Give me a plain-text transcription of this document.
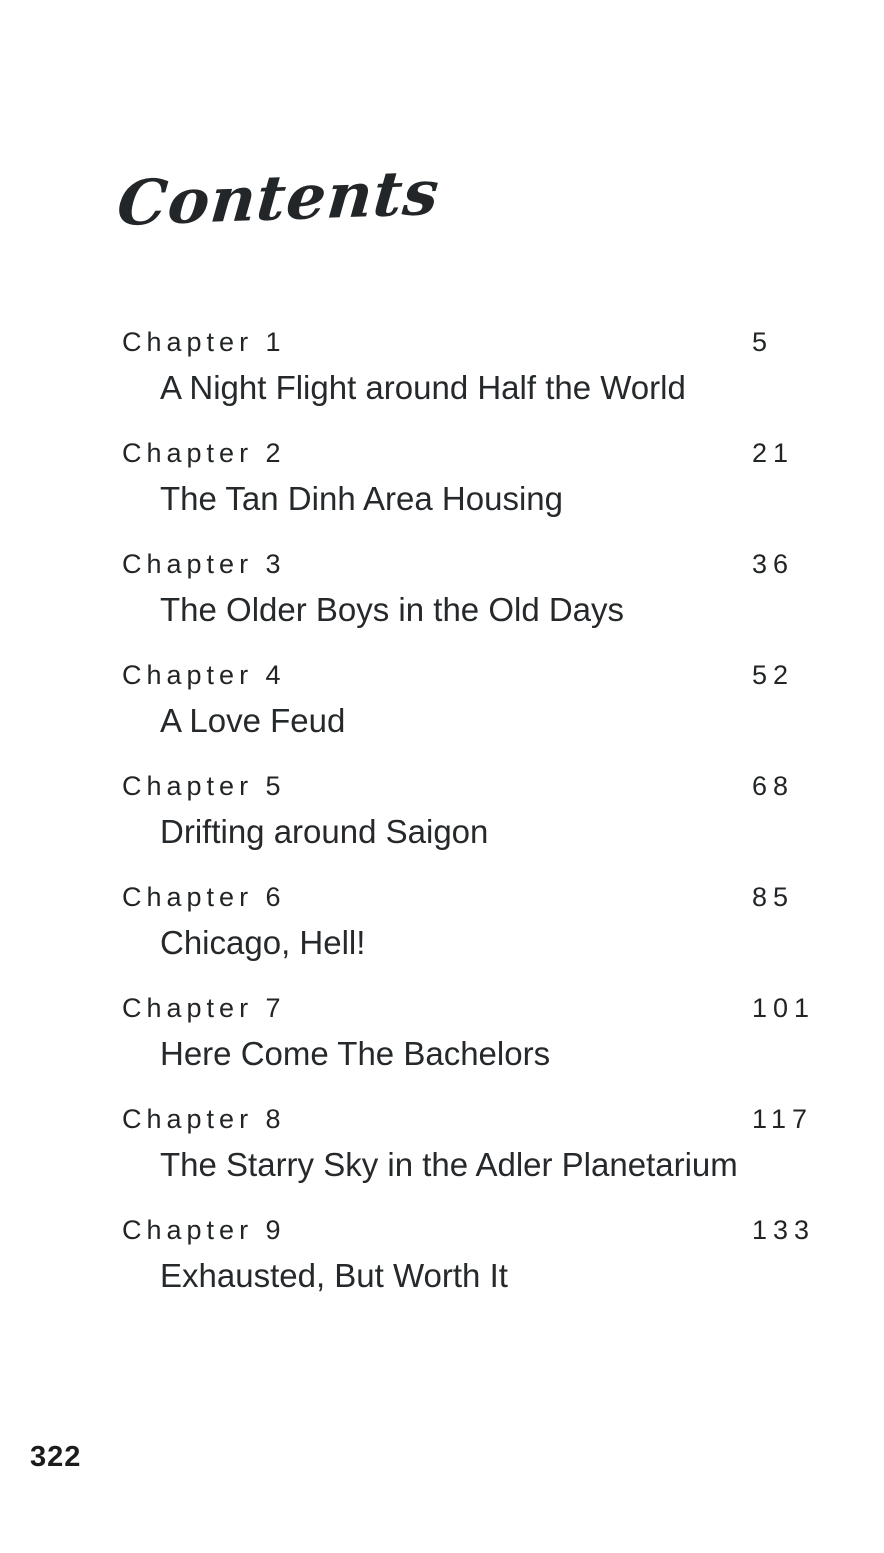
Contents
Chapter 1	5
A Night Flight around Half the World
Chapter 2	21
The Tan Dinh Area Housing
Chapter 3	36
The Older Boys in the Old Days
Chapter 4	52
A Love Feud
Chapter 5	68
Drifting around Saigon
Chapter 6	85
Chicago, Hell!
Chapter 7	101
Here Come The Bachelors
Chapter 8	117
The Starry Sky in the Adler Planetarium
Chapter 9	133
Exhausted, But Worth It
322
